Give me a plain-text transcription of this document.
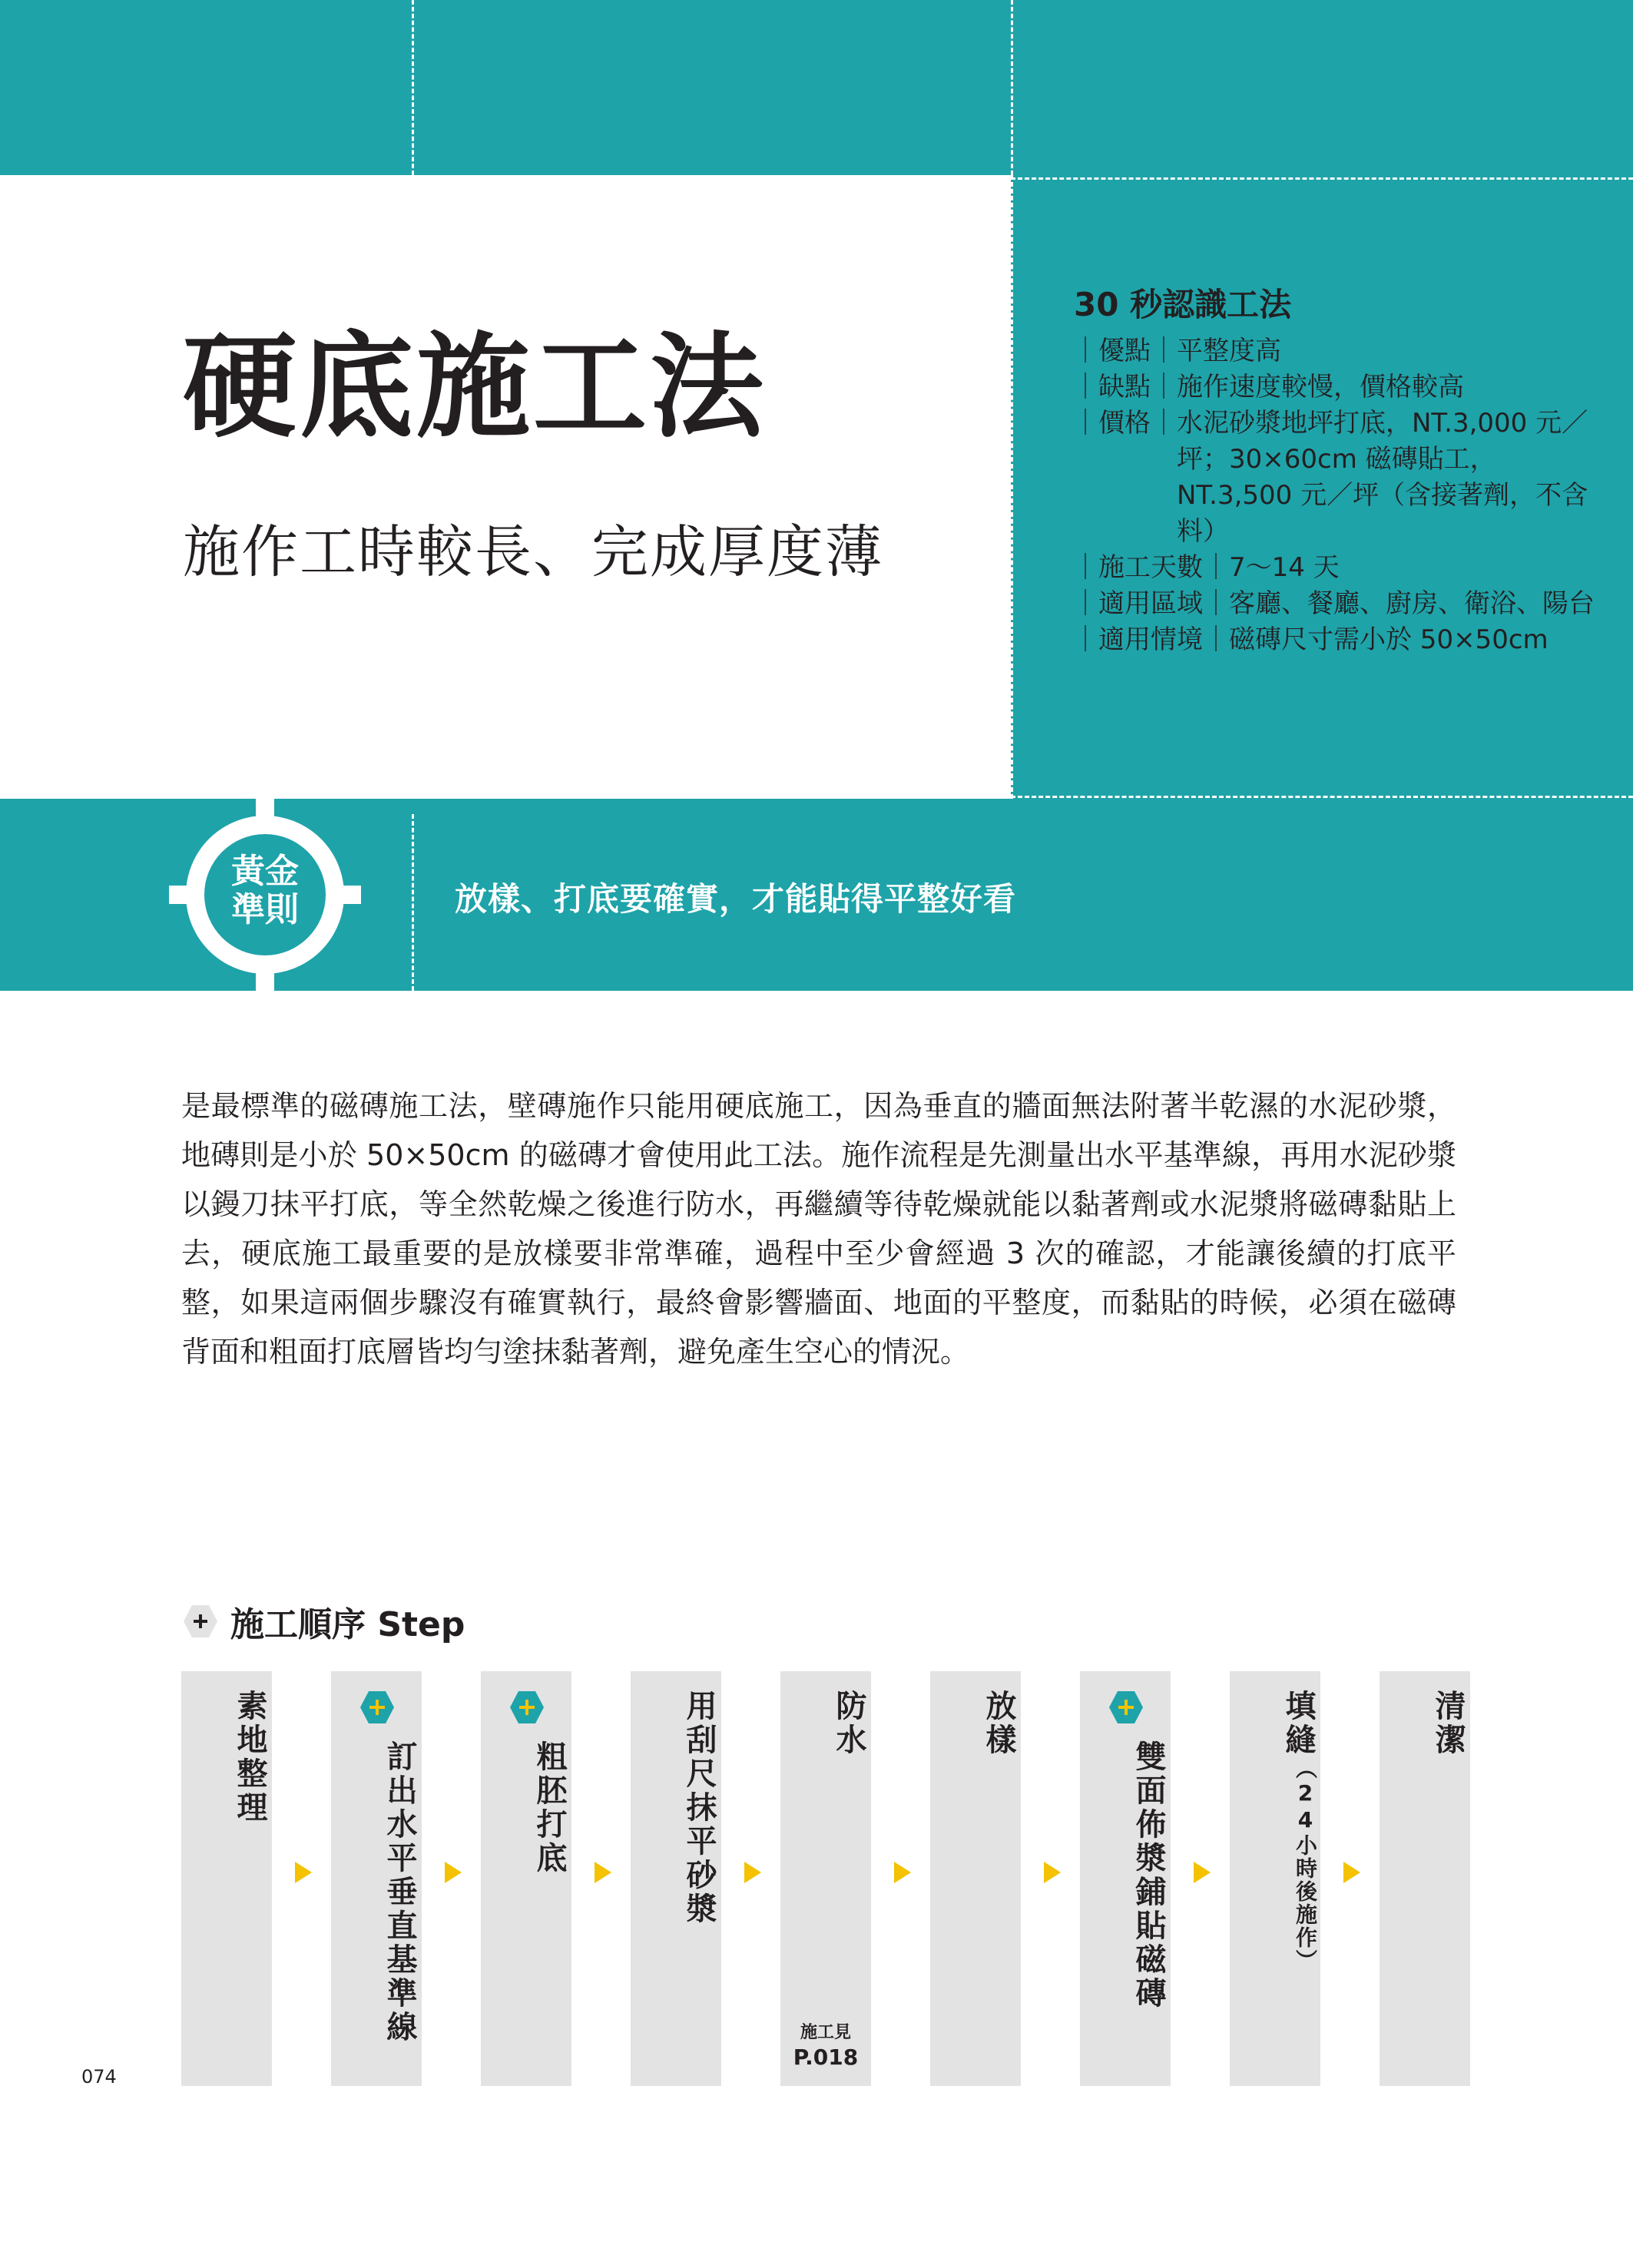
硬底施工法
施作工時較長、完成厚度薄
30 秒認識工法
｜優點｜ 平整度高
｜缺點｜ 施作速度較慢，價格較高
｜價格｜ 水泥砂漿地坪打底，NT.3,000 元／坪；30×60cm 磁磚貼工，NT.3,500 元／坪（含接著劑，不含料）
｜施工天數｜ 7～14 天
｜適用區域｜ 客廳、餐廳、廚房、衛浴、陽台
｜適用情境｜ 磁磚尺寸需小於 50×50cm
黃金
準則	放樣、打底要確實，才能貼得平整好看
是最標準的磁磚施工法，壁磚施作只能用硬底施工，因為垂直的牆面無法附著半乾濕的水泥砂漿，地磚則是小於 50×50cm 的磁磚才會使用此工法。施作流程是先測量出水平基準線，再用水泥砂漿以鏝刀抹平打底，等全然乾燥之後進行防水，再繼續等待乾燥就能以黏著劑或水泥漿將磁磚黏貼上去，硬底施工最重要的是放樣要非常準確，過程中至少會經過 3 次的確認，才能讓後續的打底平整，如果這兩個步驟沒有確實執行，最終會影響牆面、地面的平整度，而黏貼的時候，必須在磁磚背面和粗面打底層皆均勻塗抹黏著劑，避免產生空心的情況。
施工順序 Step
素地整理	訂出水平垂直基準線	粗胚打底	用刮尺抹平砂漿	防水
施工見
P.018
放樣
雙面佈漿鋪貼磁磚
填縫
（24小時後施作）
清潔
074
